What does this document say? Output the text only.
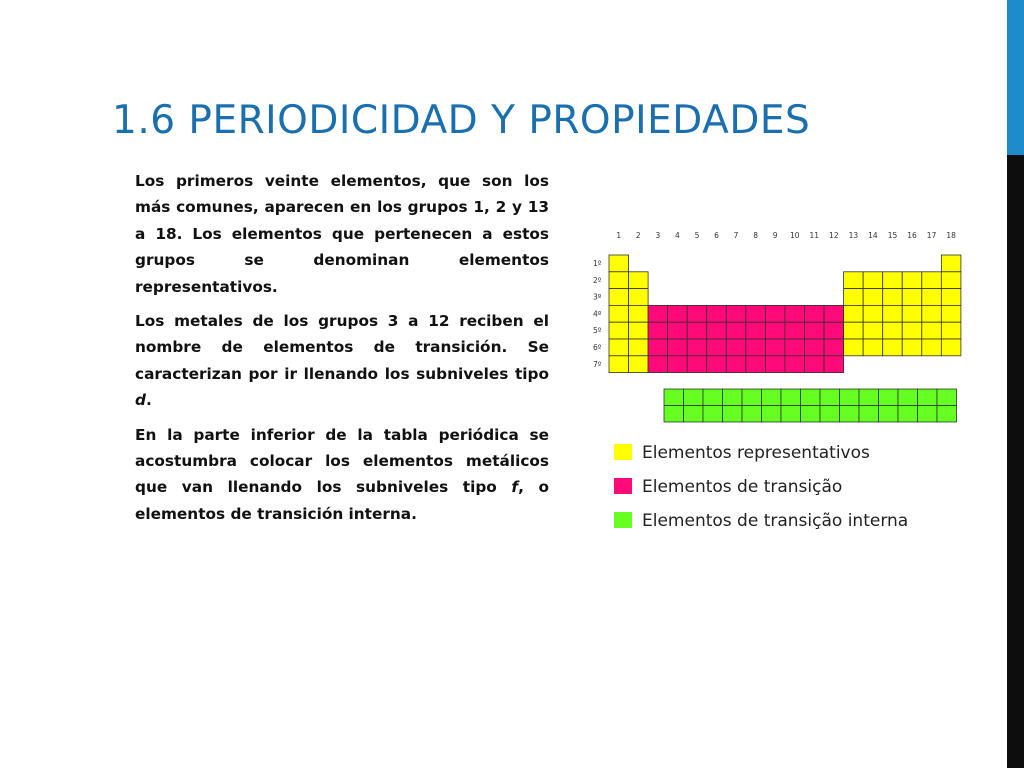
1.6 PERIODICIDAD Y PROPIEDADES

Los primeros veinte elementos, que son los más comunes, aparecen en los grupos 1, 2 y 13 a 18. Los elementos que pertenecen a estos grupos se denominan elementos representativos.

Los metales de los grupos 3 a 12 reciben el nombre de elementos de transición. Se caracterizan por ir llenando los subniveles tipo d.

En la parte inferior de la tabla periódica se acostumbra colocar los elementos metálicos que van llenando los subniveles tipo f, o elementos de transición interna.

1 2 3 4 5 6 7 8 9 10 11 12 13 14 15 16 17 18
1º
2º
3º
4º
5º
6º
7º
Elementos representativos
Elementos de transição
Elementos de transição interna
